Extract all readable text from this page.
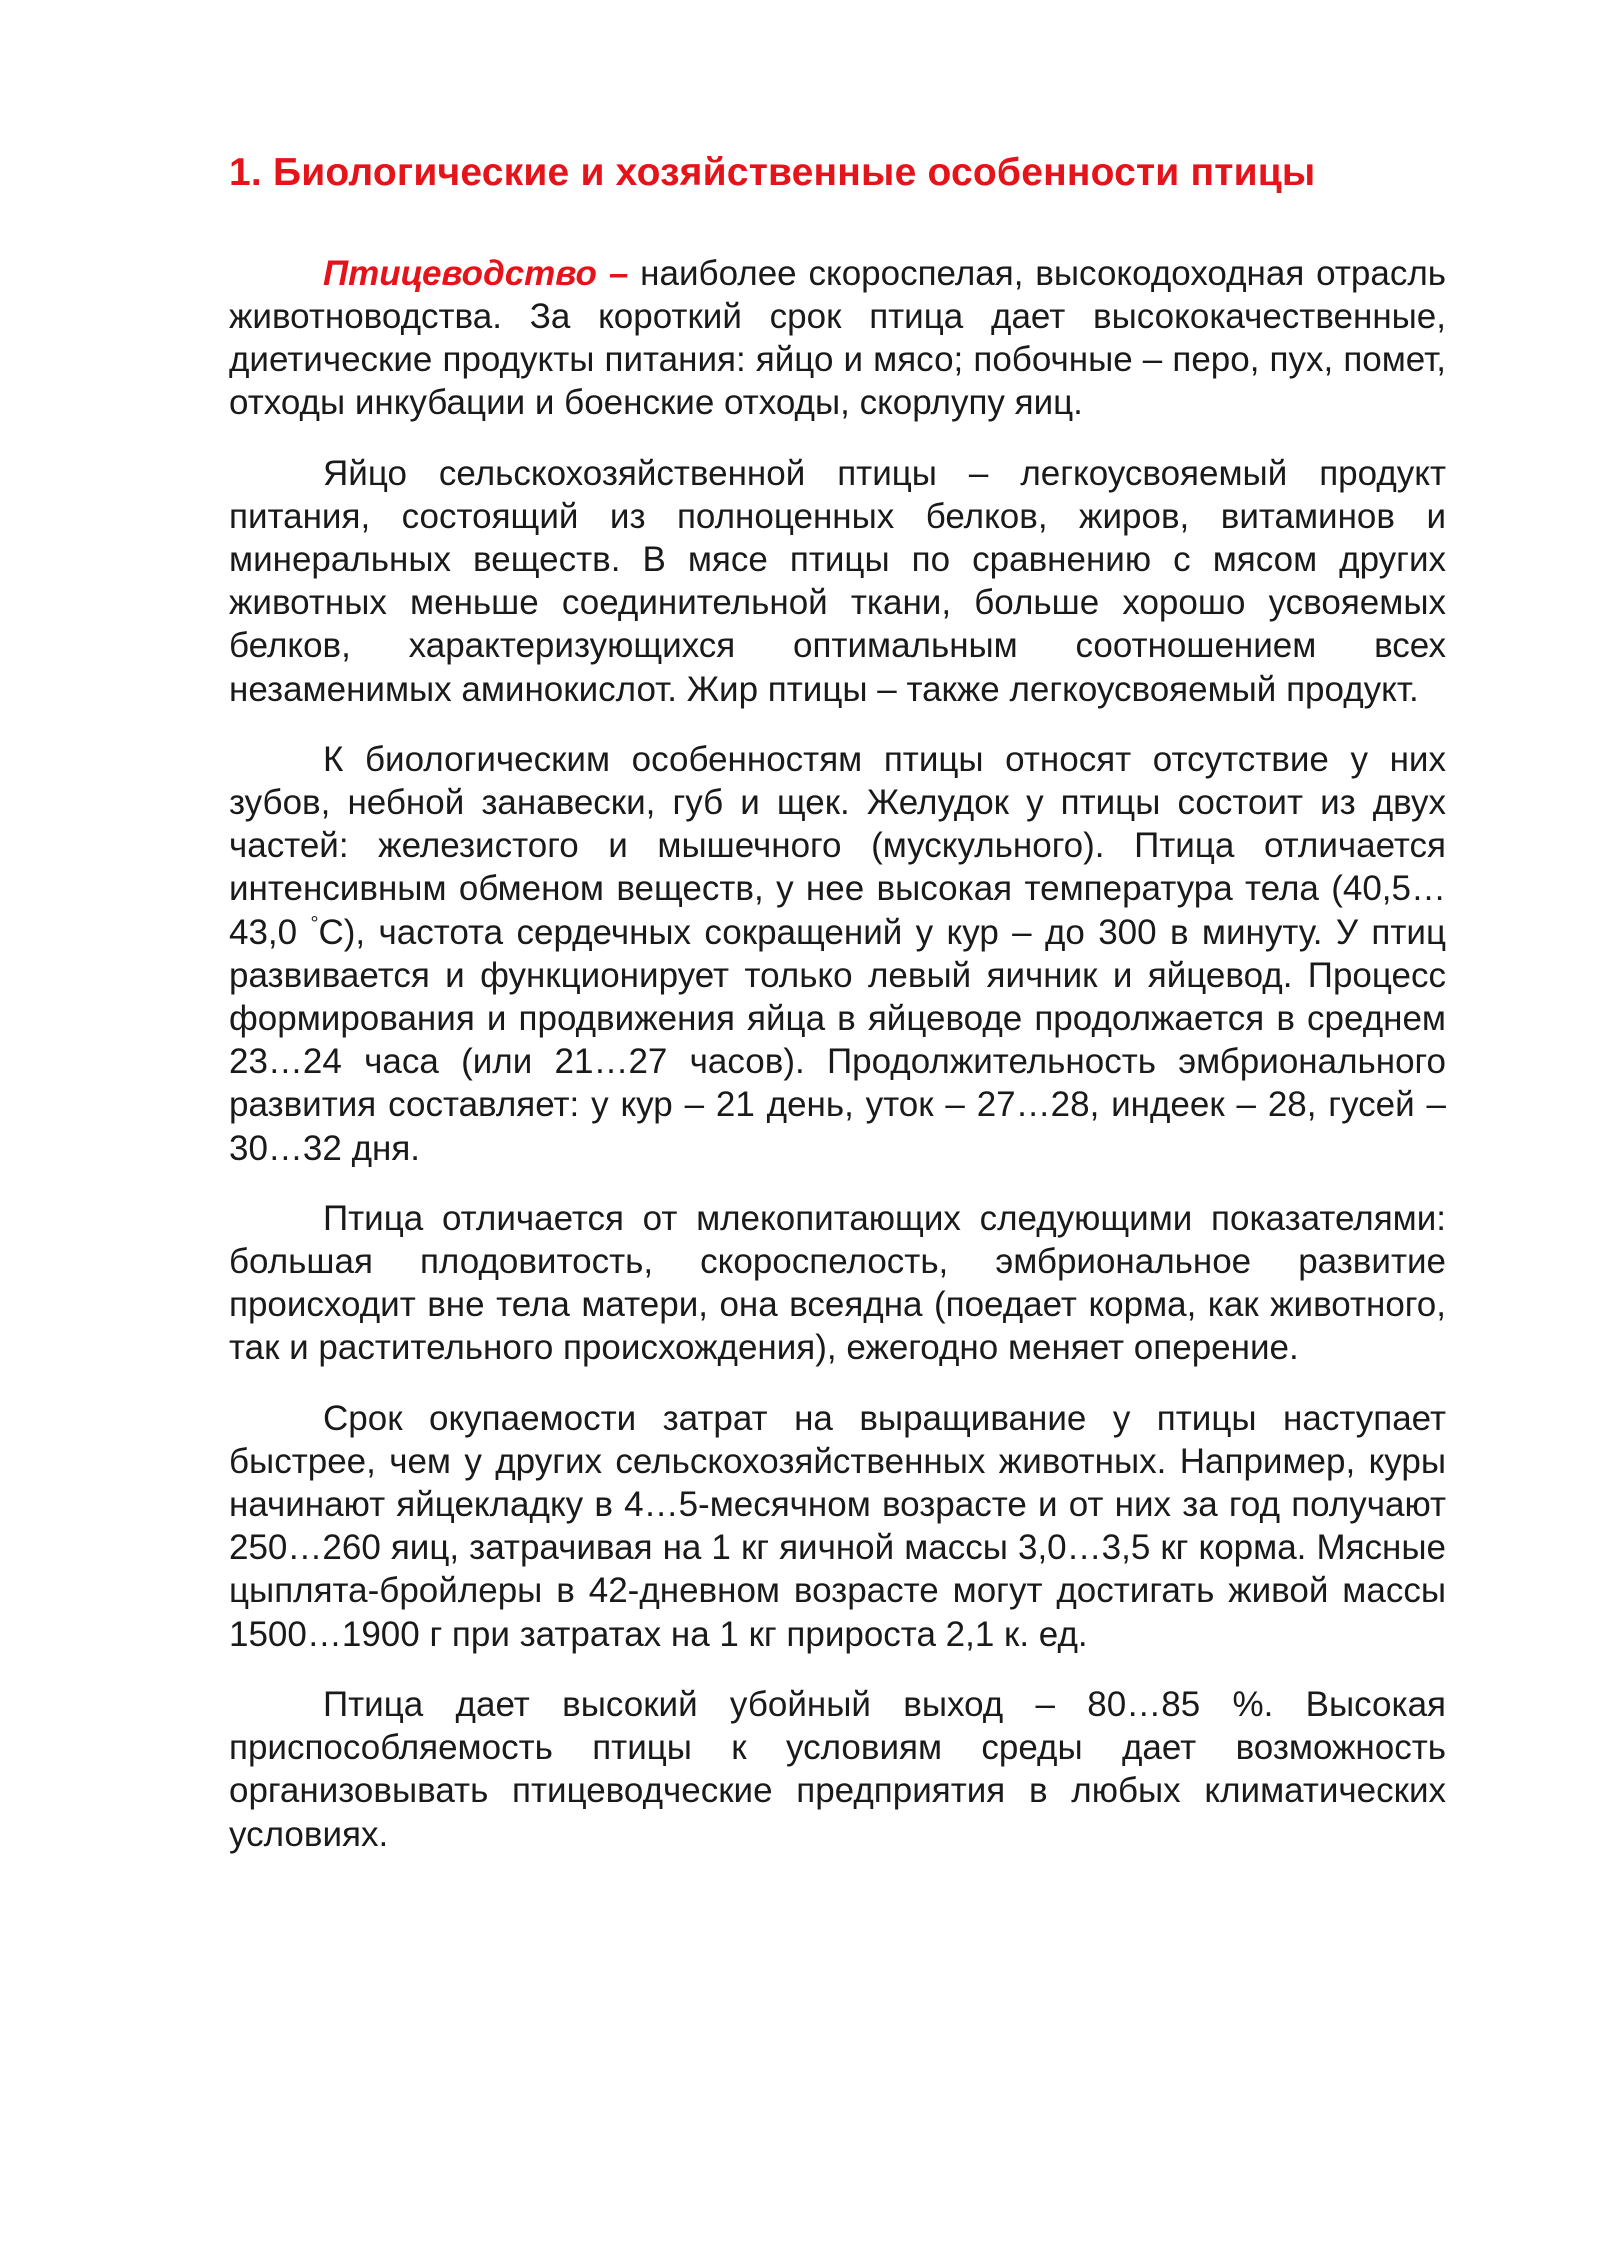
1. Биологические и хозяйственные особенности птицы

Птицеводство – наиболее скороспелая, высокодоходная отрасль животноводства. За короткий срок птица дает высококачественные, диетические продукты питания: яйцо и мясо; побочные – перо, пух, помет, отходы инкубации и боенские отходы, скорлупу яиц.

Яйцо сельскохозяйственной птицы – легкоусвояемый продукт питания, состоящий из полноценных белков, жиров, витаминов и минеральных веществ. В мясе птицы по сравнению с мясом других животных меньше соединительной ткани, больше хорошо усвояемых белков, характеризующихся оптимальным соотношением всех незаменимых аминокислот. Жир птицы – также легкоусвояемый продукт.

К биологическим особенностям птицы относят отсутствие у них зубов, небной занавески, губ и щек. Желудок у птицы состоит из двух частей: железистого и мышечного (мускульного). Птица отличается интенсивным обменом веществ, у нее высокая температура тела (40,5…43,0 °С), частота сердечных сокращений у кур – до 300 в минуту. У птиц развивается и функционирует только левый яичник и яйцевод. Процесс формирования и продвижения яйца в яйцеводе продолжается в среднем 23…24 часа (или 21…27 часов). Продолжительность эмбрионального развития составляет: у кур – 21 день, уток – 27…28, индеек – 28, гусей – 30…32 дня.

Птица отличается от млекопитающих следующими показателями: большая плодовитость, скороспелость, эмбриональное развитие происходит вне тела матери, она всеядна (поедает корма, как животного, так и растительного происхождения), ежегодно меняет оперение.

Срок окупаемости затрат на выращивание у птицы наступает быстрее, чем у других сельскохозяйственных животных. Например, куры начинают яйцекладку в 4…5-месячном возрасте и от них за год получают 250…260 яиц, затрачивая на 1 кг яичной массы 3,0…3,5 кг корма. Мясные цыплята-бройлеры в 42-дневном возрасте могут достигать живой массы 1500…1900 г при затратах на 1 кг прироста 2,1 к. ед.

Птица дает высокий убойный выход – 80…85 %. Высокая приспособляемость птицы к условиям среды дает возможность организовывать птицеводческие предприятия в любых климатических условиях.
